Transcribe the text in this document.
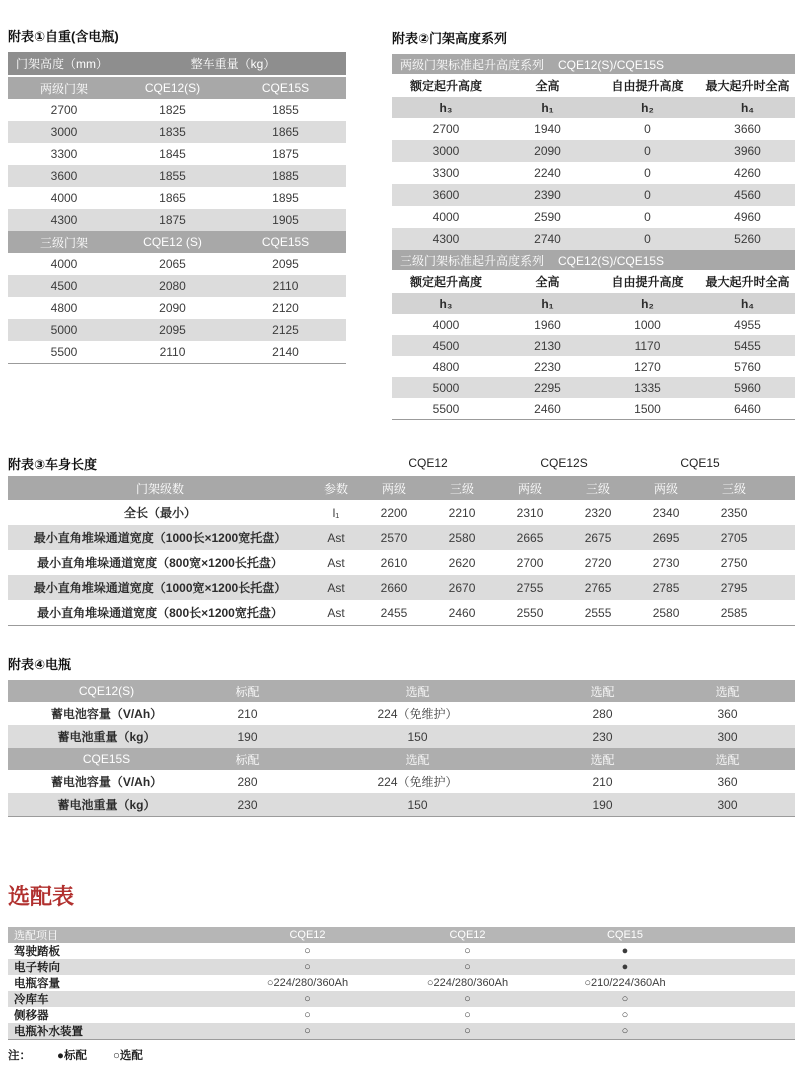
附表①自重(含电瓶)
门架高度（mm）	整车重量（kg）	
两级门架	CQE12(S)	CQE15S
2700	1825	1855
3000	1835	1865
3300	1845	1875
3600	1855	1885
4000	1865	1895
4300	1875	1905
三级门架	CQE12 (S)	CQE15S
4000	2065	2095
4500	2080	2110
4800	2090	2120
5000	2095	2125
5500	2110	2140
附表②门架高度系列
两级门架标准起升高度系列 CQE12(S)/CQE15S			
额定起升高度	全高	自由提升高度	最大起升时全高
h₃	h₁	h₂	h₄
2700	1940	0	3660
3000	2090	0	3960
3300	2240	0	4260
3600	2390	0	4560
4000	2590	0	4960
4300	2740	0	5260
三级门架标准起升高度系列 CQE12(S)/CQE15S			
额定起升高度	全高	自由提升高度	最大起升时全高
h₃	h₁	h₂	h₄
4000	1960	1000	4955
4500	2130	1170	5455
4800	2230	1270	5760
5000	2295	1335	5960
5500	2460	1500	6460
附表③车身长度		CQE12		CQE12S		CQE15		
门架级数	参数	两级	三级	两级	三级	两级	三级	
全长（最小）	l₁	2200	2210	2310	2320	2340	2350	
最小直角堆垛通道宽度（1000长×1200宽托盘）	Ast	2570	2580	2665	2675	2695	2705	
最小直角堆垛通道宽度（800宽×1200长托盘）	Ast	2610	2620	2700	2720	2730	2750	
最小直角堆垛通道宽度（1000宽×1200长托盘）	Ast	2660	2670	2755	2765	2785	2795	
最小直角堆垛通道宽度（800长×1200宽托盘）	Ast	2455	2460	2550	2555	2580	2585	
附表④电瓶
CQE12(S)	标配	选配	选配	选配
蓄电池容量（V/Ah）	210	224（免维护）	280	360
蓄电池重量（kg）	190	150	230	300
CQE15S	标配	选配	选配	选配
蓄电池容量（V/Ah）	280	224（免维护）	210	360
蓄电池重量（kg）	230	150	190	300
选配表
选配项目	CQE12	CQE12	CQE15	
驾驶踏板	○	○	●	
电子转向	○	○	●	
电瓶容量	○224/280/360Ah	○224/280/360Ah	○210/224/360Ah	
冷库车	○	○	○	
侧移器	○	○	○	
电瓶补水装置	○	○	○	
注： ●标配 ○选配
